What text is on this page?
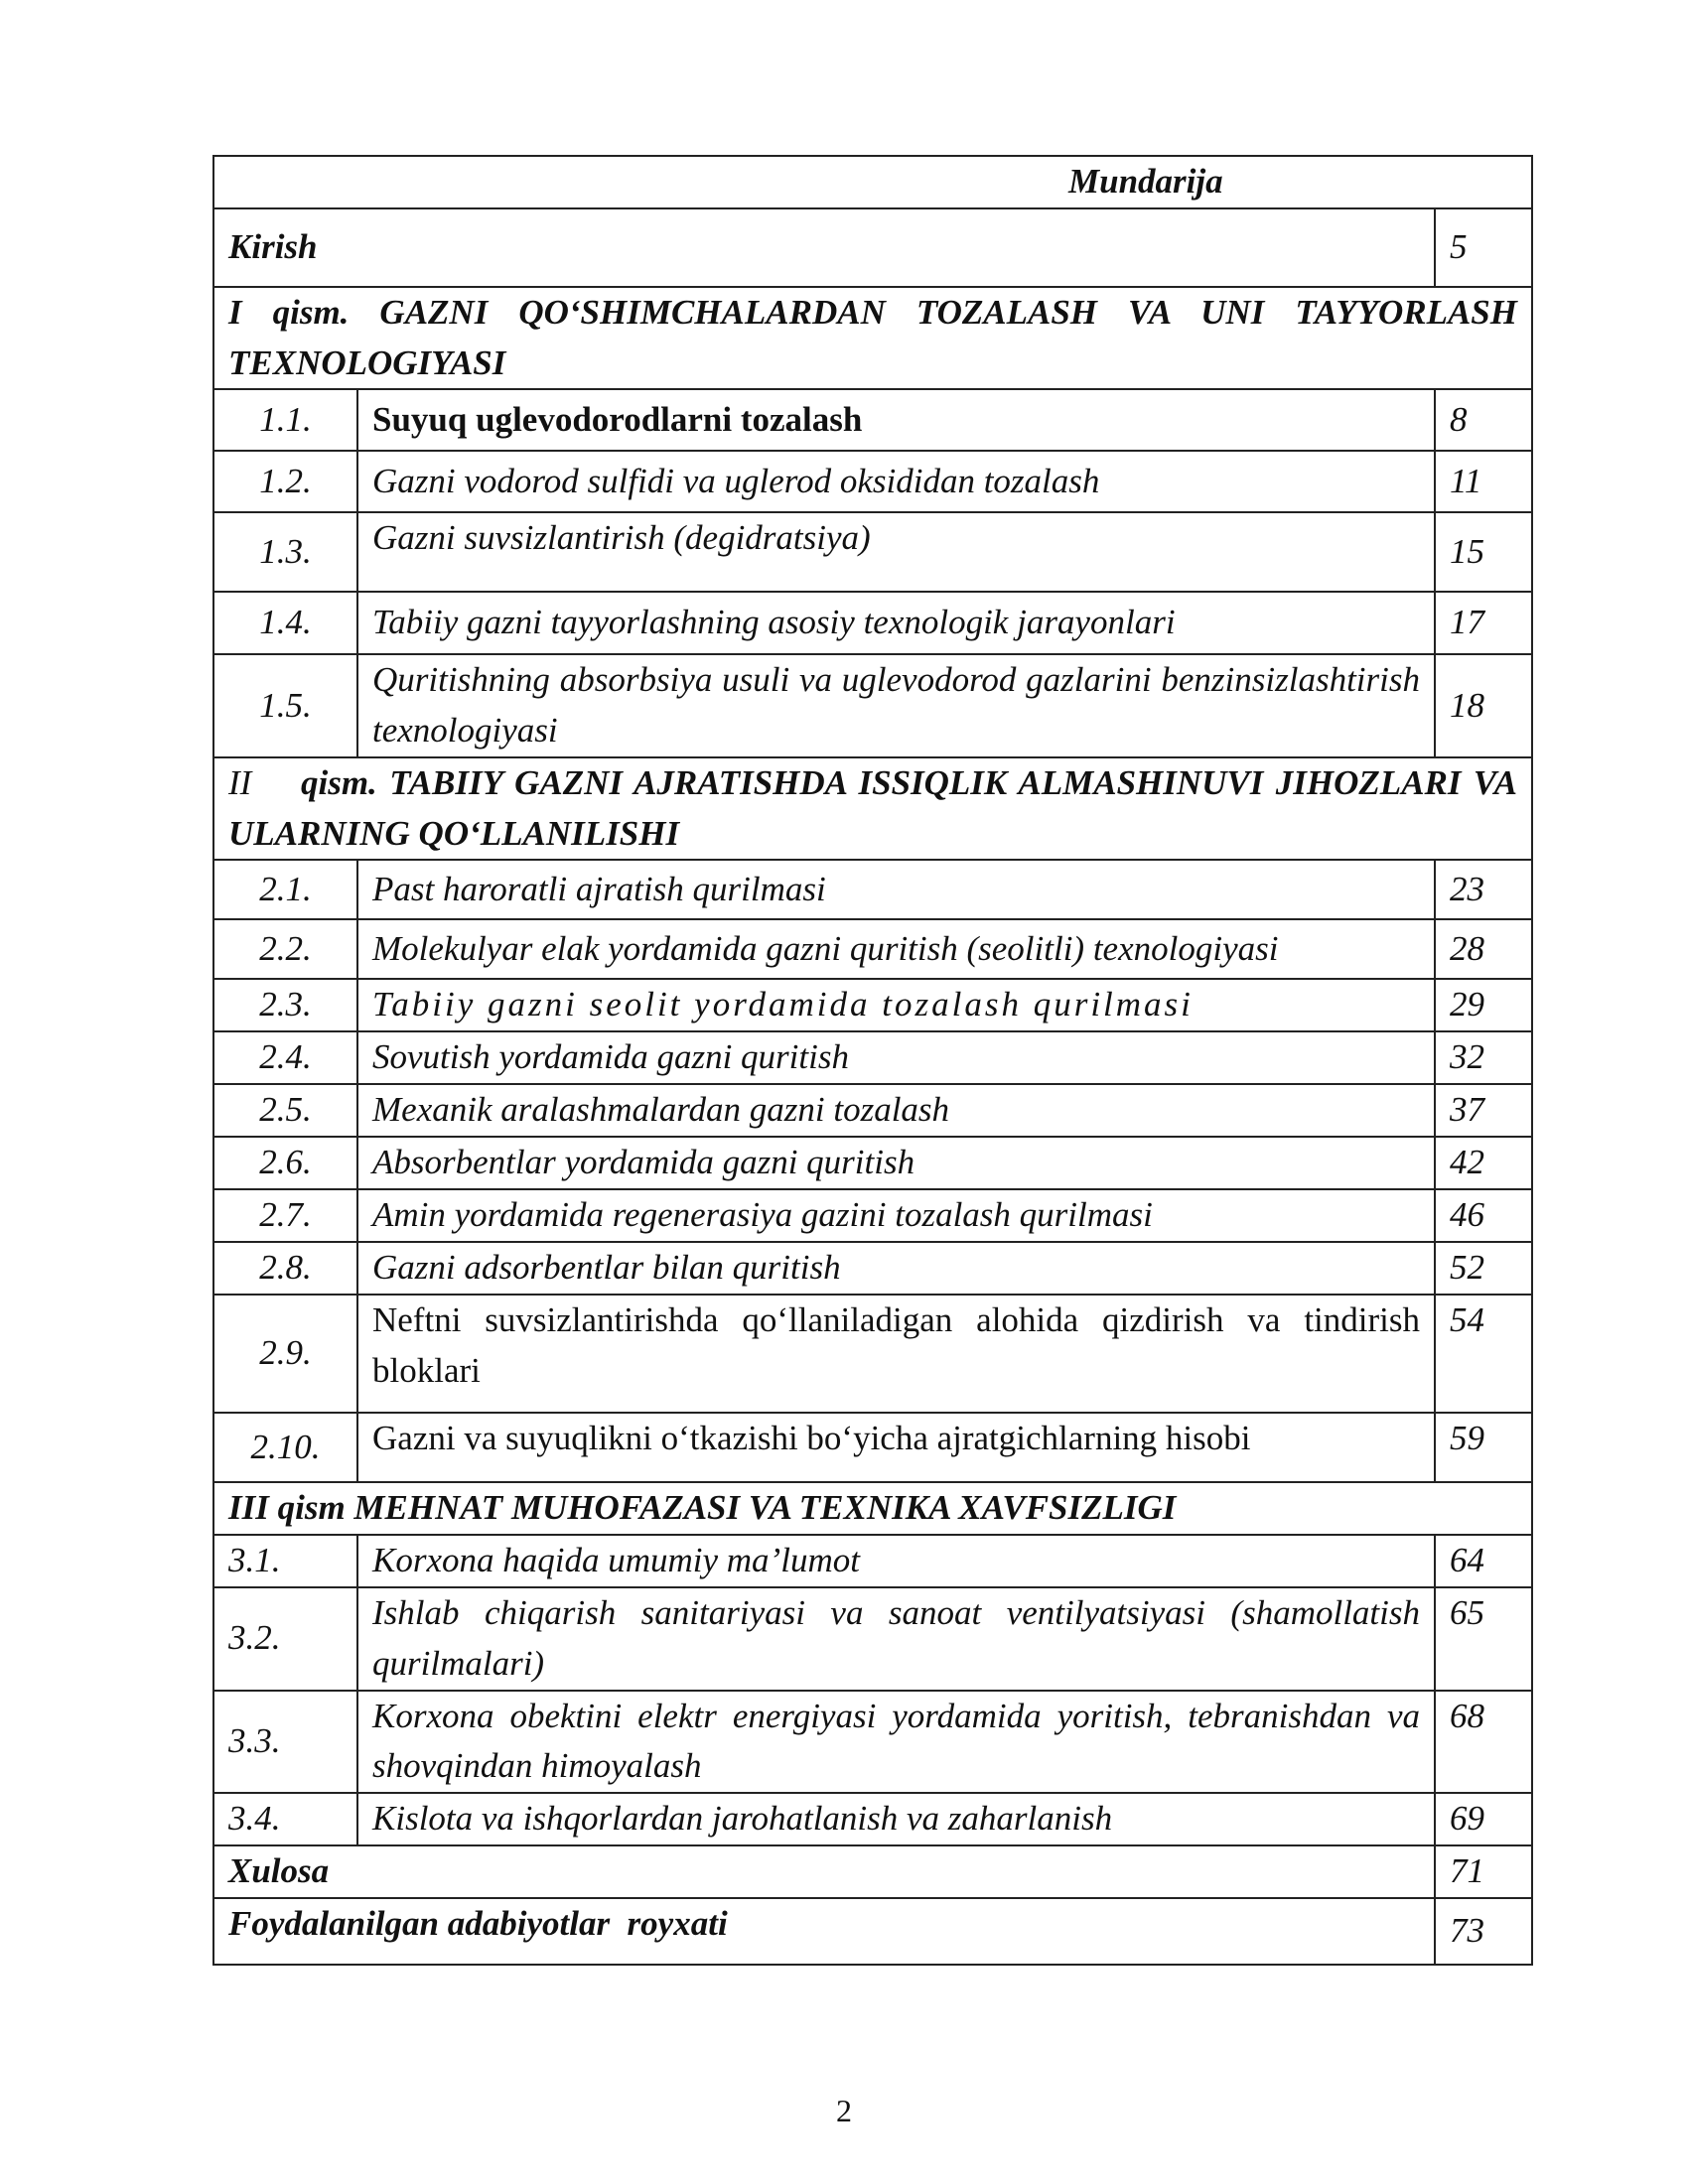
Mundarija		
Kirish		5
I qism. GAZNI QO‘SHIMCHALARDAN TOZALASH VA UNI TAYYORLASH TEXNOLOGIYASI		
1.1.	Suyuq uglevodorodlarni tozalash	8
1.2.	Gazni vodorod sulfidi va uglerod oksididan tozalash	11
1.3.	Gazni suvsizlantirish (degidratsiya)	15
1.4.	Tabiiy gazni tayyorlashning asosiy texnologik jarayonlari	17
1.5.	Quritishning absorbsiya usuli va uglevodorod gazlarini benzinsizlashtirish texnologiyasi	18
II qism. TABIIY GAZNI AJRATISHDA ISSIQLIK ALMASHINUVI JIHOZLARI VA ULARNING QO‘LLANILISHI		
2.1.	Past haroratli ajratish qurilmasi	23
2.2.	Molekulyar elak yordamida gazni quritish (seolitli) texnologiyasi	28
2.3.	Tabiiy gazni seolit yordamida tozalash qurilmasi	29
2.4.	Sovutish yordamida gazni quritish	32
2.5.	Mexanik aralashmalardan gazni tozalash	37
2.6.	Absorbentlar yordamida gazni quritish	42
2.7.	Amin yordamida regenerasiya gazini tozalash qurilmasi	46
2.8.	Gazni adsorbentlar bilan quritish	52
2.9.	Neftni suvsizlantirishda qo‘llaniladigan alohida qizdirish va tindirish bloklari	54
2.10.	Gazni va suyuqlikni o‘tkazishi bo‘yicha ajratgichlarning hisobi	59
III qism MEHNAT MUHOFAZASI VA TEXNIKA XAVFSIZLIGI		
3.1.	Korxona haqida umumiy ma’lumot	64
3.2.	Ishlab chiqarish sanitariyasi va sanoat ventilyatsiyasi (shamollatish qurilmalari)	65
3.3.	Korxona obektini elektr energiyasi yordamida yoritish, tebranishdan va shovqindan himoyalash	68
3.4.	Kislota va ishqorlardan jarohatlanish va zaharlanish	69
Xulosa		71
Foydalanilgan adabiyotlar  royxati		73
2
